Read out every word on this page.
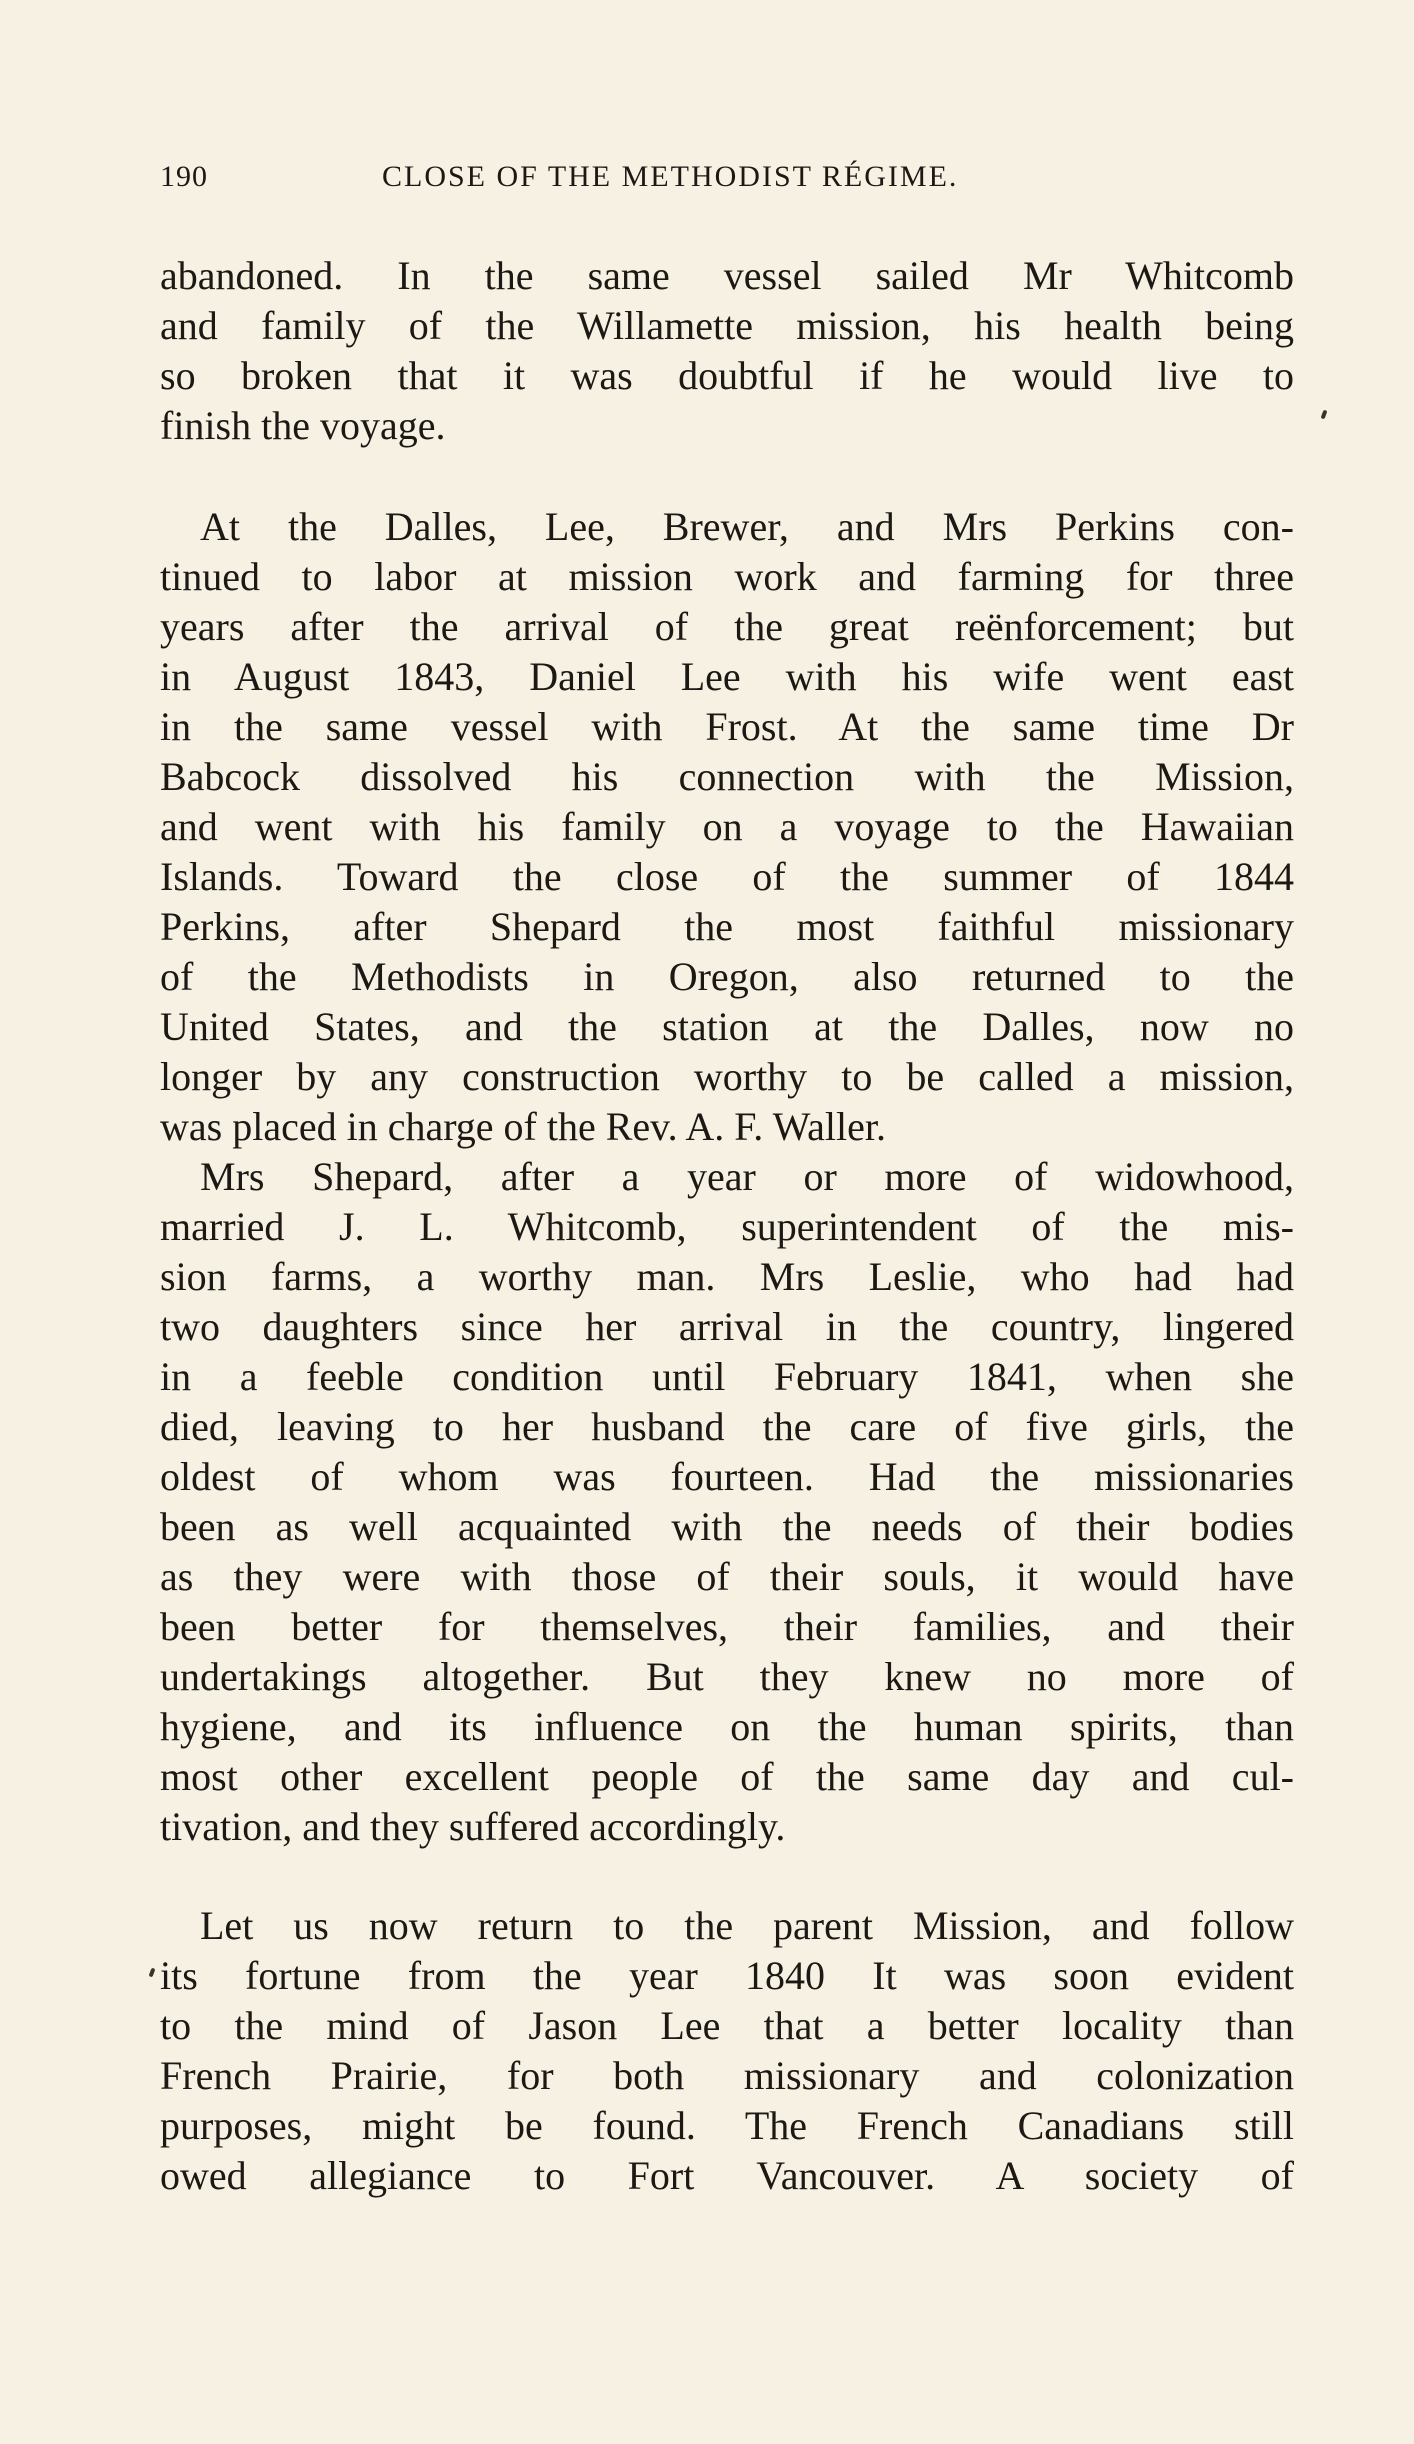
190	CLOSE OF THE METHODIST RÉGIME.
abandoned. In the same vessel sailed Mr Whitcomb
and family of the Willamette mission, his health being
so broken that it was doubtful if he would live to
finish the voyage.
At the Dalles, Lee, Brewer, and Mrs Perkins con-
tinued to labor at mission work and farming for three
years after the arrival of the great reënforcement; but
in August 1843, Daniel Lee with his wife went east
in the same vessel with Frost. At the same time Dr
Babcock dissolved his connection with the Mission,
and went with his family on a voyage to the Hawaiian
Islands. Toward the close of the summer of 1844
Perkins, after Shepard the most faithful missionary
of the Methodists in Oregon, also returned to the
United States, and the station at the Dalles, now no
longer by any construction worthy to be called a mission,
was placed in charge of the Rev. A. F. Waller.
Mrs Shepard, after a year or more of widowhood,
married J. L. Whitcomb, superintendent of the mis-
sion farms, a worthy man. Mrs Leslie, who had had
two daughters since her arrival in the country, lingered
in a feeble condition until February 1841, when she
died, leaving to her husband the care of five girls, the
oldest of whom was fourteen. Had the missionaries
been as well acquainted with the needs of their bodies
as they were with those of their souls, it would have
been better for themselves, their families, and their
undertakings altogether. But they knew no more of
hygiene, and its influence on the human spirits, than
most other excellent people of the same day and cul-
tivation, and they suffered accordingly.
Let us now return to the parent Mission, and follow
its fortune from the year 1840 It was soon evident
to the mind of Jason Lee that a better locality than
French Prairie, for both missionary and colonization
purposes, might be found. The French Canadians still
owed allegiance to Fort Vancouver. A society of
